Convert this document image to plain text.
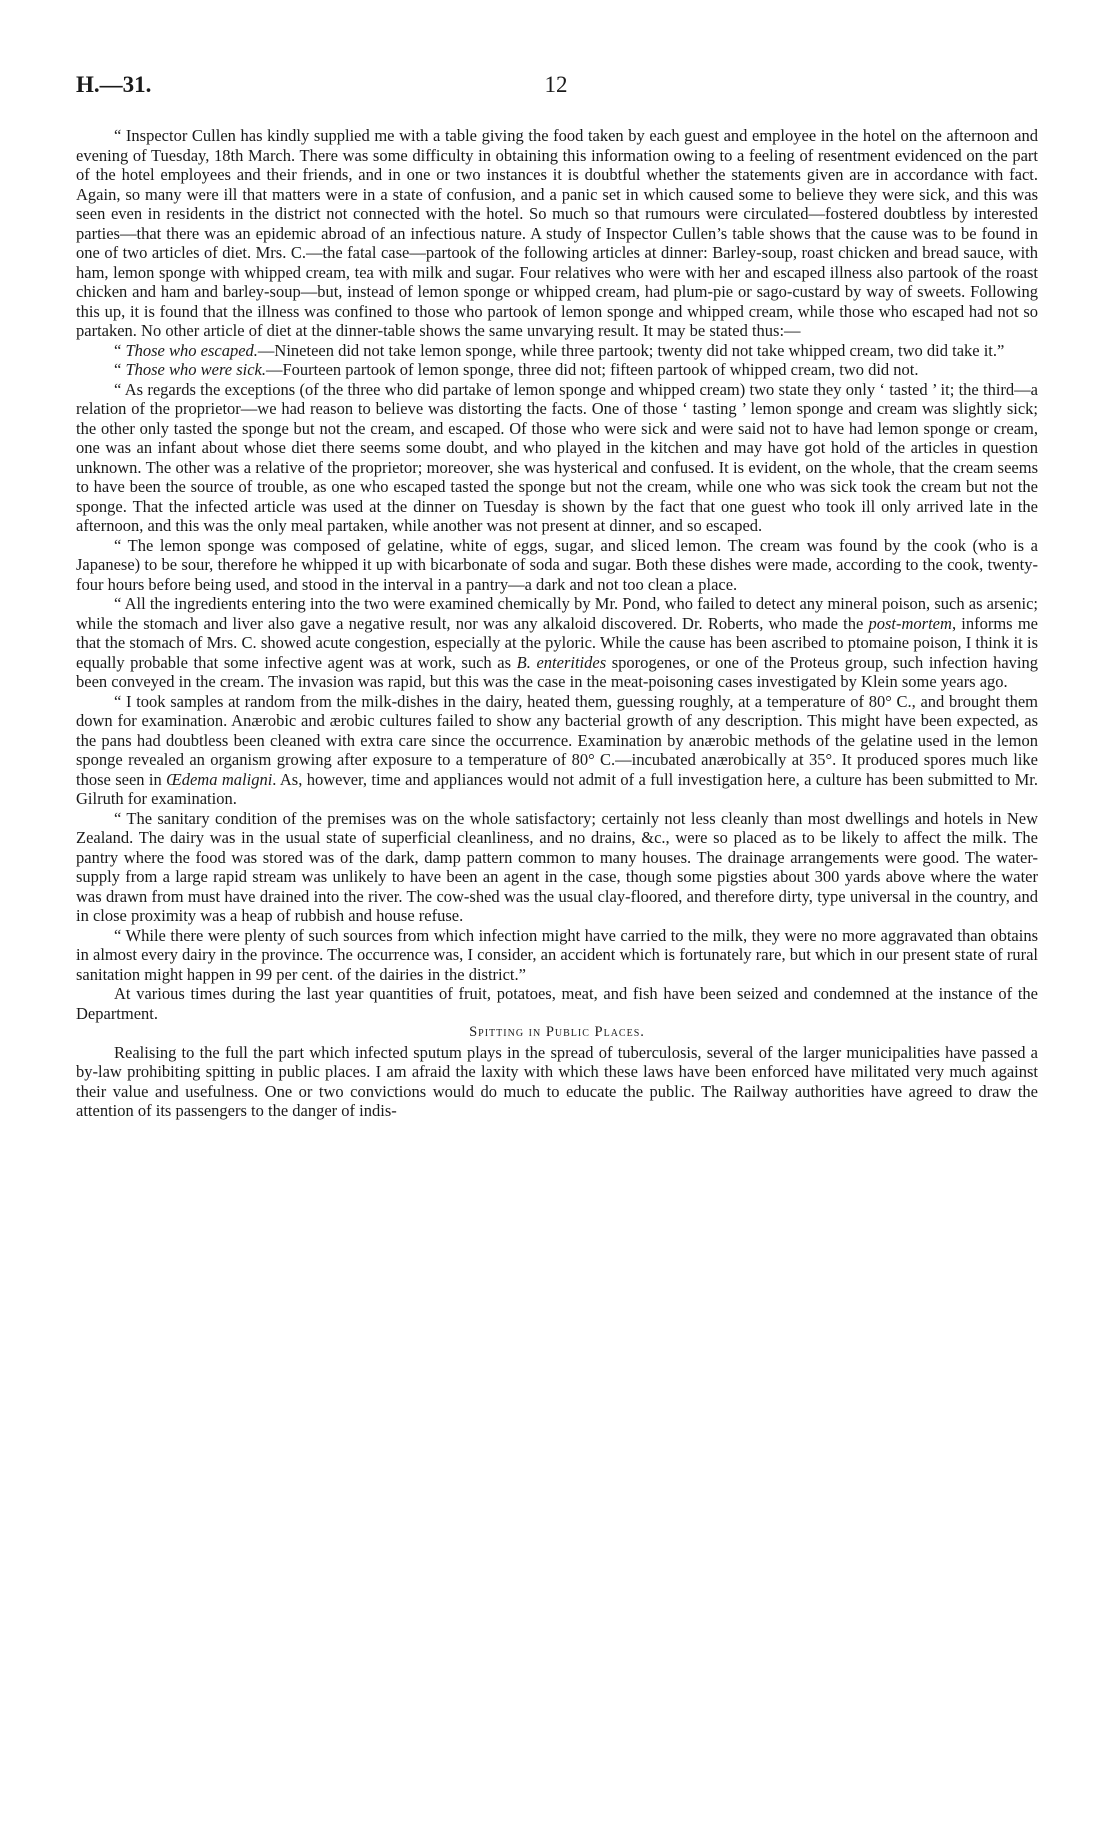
H.—31.	12

“ Inspector Cullen has kindly supplied me with a table giving the food taken by each guest and employee in the hotel on the afternoon and evening of Tuesday, 18th March. There was some difficulty in obtaining this information owing to a feeling of resentment evidenced on the part of the hotel employees and their friends, and in one or two instances it is doubtful whether the statements given are in accordance with fact. Again, so many were ill that matters were in a state of confusion, and a panic set in which caused some to believe they were sick, and this was seen even in residents in the district not connected with the hotel. So much so that rumours were circulated—fostered doubtless by interested parties—that there was an epidemic abroad of an infectious nature. A study of Inspector Cullen’s table shows that the cause was to be found in one of two articles of diet. Mrs. C.—the fatal case—partook of the following articles at dinner: Barley-soup, roast chicken and bread sauce, with ham, lemon sponge with whipped cream, tea with milk and sugar. Four relatives who were with her and escaped illness also partook of the roast chicken and ham and barley-soup—but, instead of lemon sponge or whipped cream, had plum-pie or sago-custard by way of sweets. Following this up, it is found that the illness was confined to those who partook of lemon sponge and whipped cream, while those who escaped had not so partaken. No other article of diet at the dinner-table shows the same unvarying result. It may be stated thus:—

“ Those who escaped.—Nineteen did not take lemon sponge, while three partook; twenty did not take whipped cream, two did take it.”

“ Those who were sick.—Fourteen partook of lemon sponge, three did not; fifteen partook of whipped cream, two did not.

“ As regards the exceptions (of the three who did partake of lemon sponge and whipped cream) two state they only ‘ tasted ’ it; the third—a relation of the proprietor—we had reason to believe was distorting the facts. One of those ‘ tasting ’ lemon sponge and cream was slightly sick; the other only tasted the sponge but not the cream, and escaped. Of those who were sick and were said not to have had lemon sponge or cream, one was an infant about whose diet there seems some doubt, and who played in the kitchen and may have got hold of the articles in question unknown. The other was a relative of the proprietor; moreover, she was hysterical and confused. It is evident, on the whole, that the cream seems to have been the source of trouble, as one who escaped tasted the sponge but not the cream, while one who was sick took the cream but not the sponge. That the infected article was used at the dinner on Tuesday is shown by the fact that one guest who took ill only arrived late in the afternoon, and this was the only meal partaken, while another was not present at dinner, and so escaped.

“ The lemon sponge was composed of gelatine, white of eggs, sugar, and sliced lemon. The cream was found by the cook (who is a Japanese) to be sour, therefore he whipped it up with bicarbonate of soda and sugar. Both these dishes were made, according to the cook, twenty-four hours before being used, and stood in the interval in a pantry—a dark and not too clean a place.

“ All the ingredients entering into the two were examined chemically by Mr. Pond, who failed to detect any mineral poison, such as arsenic; while the stomach and liver also gave a negative result, nor was any alkaloid discovered. Dr. Roberts, who made the post-mortem, informs me that the stomach of Mrs. C. showed acute congestion, especially at the pyloric. While the cause has been ascribed to ptomaine poison, I think it is equally probable that some infective agent was at work, such as B. enteritides sporogenes, or one of the Proteus group, such infection having been conveyed in the cream. The invasion was rapid, but this was the case in the meat-poisoning cases investigated by Klein some years ago.

“ I took samples at random from the milk-dishes in the dairy, heated them, guessing roughly, at a temperature of 80° C., and brought them down for examination. Anærobic and ærobic cultures failed to show any bacterial growth of any description. This might have been expected, as the pans had doubtless been cleaned with extra care since the occurrence. Examination by anærobic methods of the gelatine used in the lemon sponge revealed an organism growing after exposure to a temperature of 80° C.—incubated anærobically at 35°. It produced spores much like those seen in Œdema maligni. As, however, time and appliances would not admit of a full investigation here, a culture has been submitted to Mr. Gilruth for examination.

“ The sanitary condition of the premises was on the whole satisfactory; certainly not less cleanly than most dwellings and hotels in New Zealand. The dairy was in the usual state of superficial cleanliness, and no drains, &c., were so placed as to be likely to affect the milk. The pantry where the food was stored was of the dark, damp pattern common to many houses. The drainage arrangements were good. The water-supply from a large rapid stream was unlikely to have been an agent in the case, though some pigsties about 300 yards above where the water was drawn from must have drained into the river. The cow-shed was the usual clay-floored, and therefore dirty, type universal in the country, and in close proximity was a heap of rubbish and house refuse.

“ While there were plenty of such sources from which infection might have carried to the milk, they were no more aggravated than obtains in almost every dairy in the province. The occurrence was, I consider, an accident which is fortunately rare, but which in our present state of rural sanitation might happen in 99 per cent. of the dairies in the district.”

At various times during the last year quantities of fruit, potatoes, meat, and fish have been seized and condemned at the instance of the Department.

Spitting in Public Places.

Realising to the full the part which infected sputum plays in the spread of tuberculosis, several of the larger municipalities have passed a by-law prohibiting spitting in public places. I am afraid the laxity with which these laws have been enforced have militated very much against their value and usefulness. One or two convictions would do much to educate the public. The Railway authorities have agreed to draw the attention of its passengers to the danger of indis-
